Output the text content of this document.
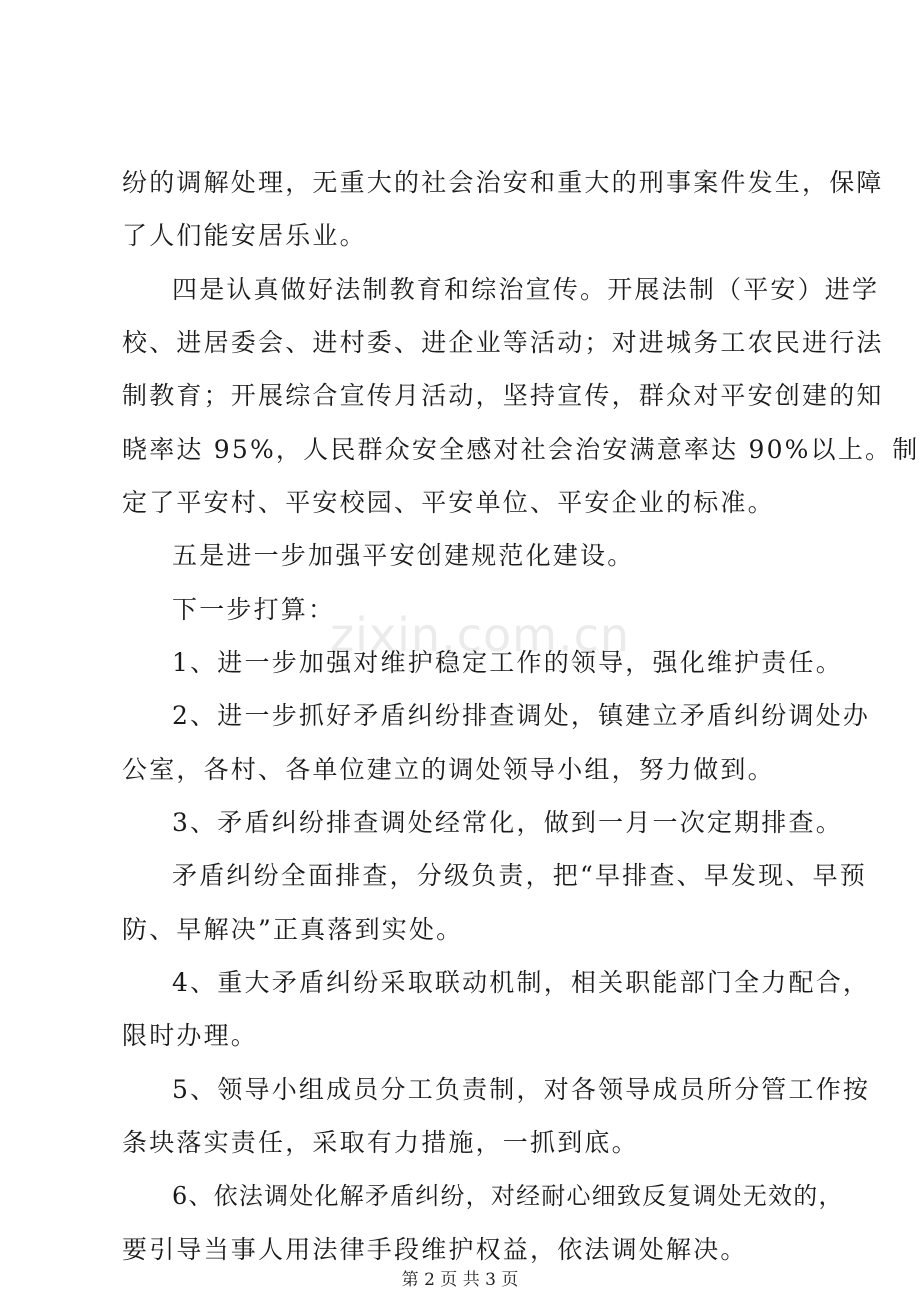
纷的调解处理，无重大的社会治安和重大的刑事案件发生，保障
了人们能安居乐业。
四是认真做好法制教育和综治宣传。开展法制（平安）进学
校、进居委会、进村委、进企业等活动；对进城务工农民进行法
制教育；开展综合宣传月活动，坚持宣传，群众对平安创建的知
晓率达 95%，人民群众安全感对社会治安满意率达 90%以上。制
定了平安村、平安校园、平安单位、平安企业的标准。
五是进一步加强平安创建规范化建设。
下一步打算：
1、进一步加强对维护稳定工作的领导，强化维护责任。
2、进一步抓好矛盾纠纷排查调处，镇建立矛盾纠纷调处办
公室，各村、各单位建立的调处领导小组，努力做到。
3、矛盾纠纷排查调处经常化，做到一月一次定期排查。
矛盾纠纷全面排查，分级负责，把“早排查、早发现、早预
防、早解决”正真落到实处。
4、重大矛盾纠纷采取联动机制，相关职能部门全力配合，
限时办理。
5、领导小组成员分工负责制，对各领导成员所分管工作按
条块落实责任，采取有力措施，一抓到底。
6、依法调处化解矛盾纠纷，对经耐心细致反复调处无效的，
要引导当事人用法律手段维护权益，依法调处解决。
zixin.com.cn
第 2 页 共 3 页
